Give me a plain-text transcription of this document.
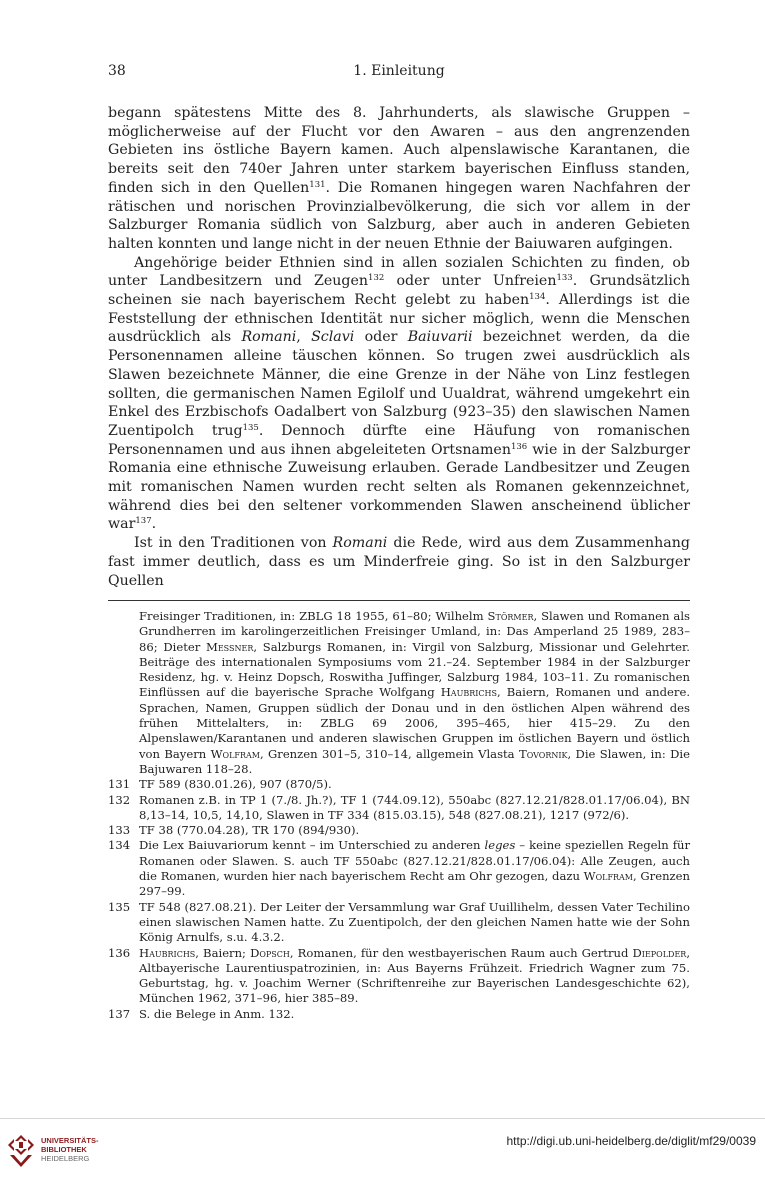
38	1. Einleitung

begann spätestens Mitte des 8. Jahrhunderts, als slawische Gruppen – möglicherweise auf der Flucht vor den Awaren – aus den angrenzenden Gebieten ins östliche Bayern kamen. Auch alpenslawische Karantanen, die bereits seit den 740er Jahren unter starkem bayerischen Einfluss standen, finden sich in den Quellen$^{131}$. Die Romanen hingegen waren Nachfahren der rätischen und norischen Provinzialbevölkerung, die sich vor allem in der Salzburger Romania südlich von Salzburg, aber auch in anderen Gebieten halten konnten und lange nicht in der neuen Ethnie der Baiuwaren aufgingen.

Angehörige beider Ethnien sind in allen sozialen Schichten zu finden, ob unter Landbesitzern und Zeugen$^{132}$ oder unter Unfreien$^{133}$. Grundsätzlich scheinen sie nach bayerischem Recht gelebt zu haben$^{134}$. Allerdings ist die Feststellung der ethnischen Identität nur sicher möglich, wenn die Menschen ausdrücklich als Romani, Sclavi oder Baiuvarii bezeichnet werden, da die Personennamen alleine täuschen können. So trugen zwei ausdrücklich als Slawen bezeichnete Männer, die eine Grenze in der Nähe von Linz festlegen sollten, die germanischen Namen Egilolf und Uualdrat, während umgekehrt ein Enkel des Erzbischofs Oadalbert von Salzburg (923–35) den slawischen Namen Zuentipolch trug$^{135}$. Dennoch dürfte eine Häufung von romanischen Personennamen und aus ihnen abgeleiteten Ortsnamen$^{136}$ wie in der Salzburger Romania eine ethnische Zuweisung erlauben. Gerade Landbesitzer und Zeugen mit romanischen Namen wurden recht selten als Romanen gekennzeichnet, während dies bei den seltener vorkommenden Slawen anscheinend üblicher war$^{137}$.

Ist in den Traditionen von Romani die Rede, wird aus dem Zusammenhang fast immer deutlich, dass es um Minderfreie ging. So ist in den Salzburger Quellen

Freisinger Traditionen, in: ZBLG 18 1955, 61–80; Wilhelm Störmer, Slawen und Romanen als Grundherren im karolingerzeitlichen Freisinger Umland, in: Das Amperland 25 1989, 283–86; Dieter Messner, Salzburgs Romanen, in: Virgil von Salzburg, Missionar und Gelehrter. Beiträge des internationalen Symposiums vom 21.–24. September 1984 in der Salzburger Residenz, hg. v. Heinz Dopsch, Roswitha Juffinger, Salzburg 1984, 103–11. Zu romanischen Einflüssen auf die bayerische Sprache Wolfgang Haubrichs, Baiern, Romanen und andere. Sprachen, Namen, Gruppen südlich der Donau und in den östlichen Alpen während des frühen Mittelalters, in: ZBLG 69 2006, 395–465, hier 415–29. Zu den Alpenslawen/Karantanen und anderen slawischen Gruppen im östlichen Bayern und östlich von Bayern Wolfram, Grenzen 301–5, 310–14, allgemein Vlasta Tovornik, Die Slawen, in: Die Bajuwaren 118–28.
131 TF 589 (830.01.26), 907 (870/5).
132 Romanen z.B. in TP 1 (7./8. Jh.?), TF 1 (744.09.12), 550abc (827.12.21/828.01.17/06.04), BN 8,13–14, 10,5, 14,10, Slawen in TF 334 (815.03.15), 548 (827.08.21), 1217 (972/6).
133 TF 38 (770.04.28), TR 170 (894/930).
134 Die Lex Baiuvariorum kennt – im Unterschied zu anderen leges – keine speziellen Regeln für Romanen oder Slawen. S. auch TF 550abc (827.12.21/828.01.17/06.04): Alle Zeugen, auch die Romanen, wurden hier nach bayerischem Recht am Ohr gezogen, dazu Wolfram, Grenzen 297–99.
135 TF 548 (827.08.21). Der Leiter der Versammlung war Graf Uuillihelm, dessen Vater Techilino einen slawischen Namen hatte. Zu Zuentipolch, der den gleichen Namen hatte wie der Sohn König Arnulfs, s.u. 4.3.2.
136 Haubrichs, Baiern; Dopsch, Romanen, für den westbayerischen Raum auch Gertrud Diepolder, Altbayerische Laurentiuspatrozinien, in: Aus Bayerns Frühzeit. Friedrich Wagner zum 75. Geburtstag, hg. v. Joachim Werner (Schriftenreihe zur Bayerischen Landesgeschichte 62), München 1962, 371–96, hier 385–89.
137 S. die Belege in Anm. 132.
UNIVERSITÄTS-
BIBLIOTHEK
HEIDELBERG
http://digi.ub.uni-heidelberg.de/diglit/mf29/0039
